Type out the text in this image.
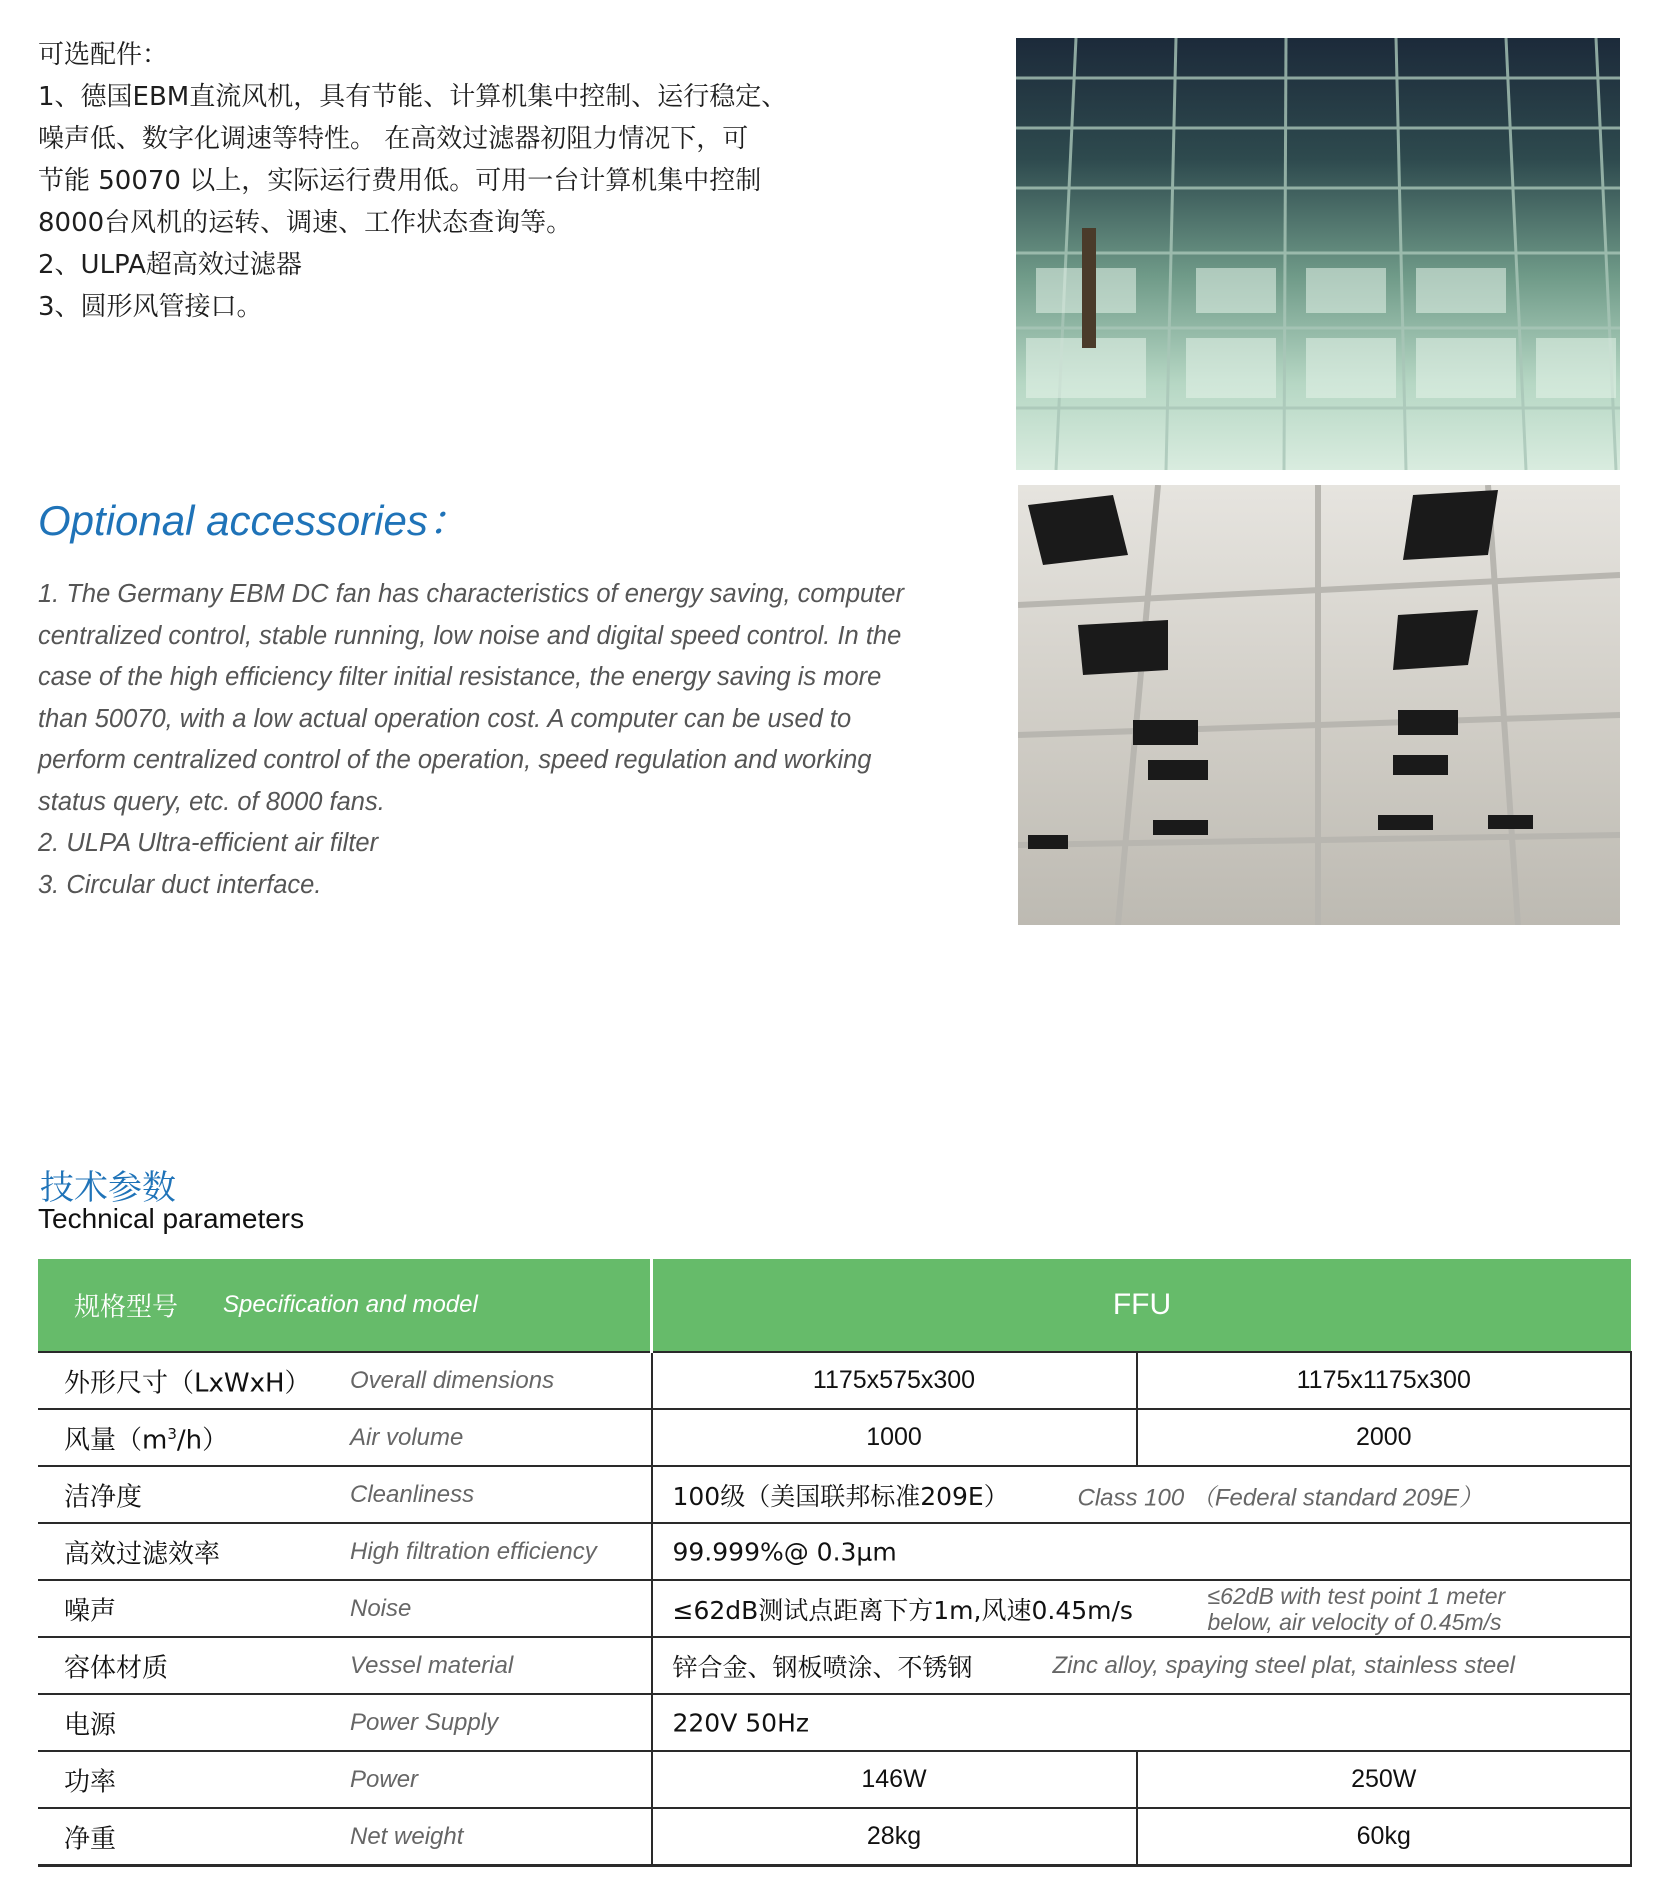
可选配件：
1、德国EBM直流风机，具有节能、计算机集中控制、运行稳定、
噪声低、数字化调速等特性。 在高效过滤器初阻力情况下，可
节能 50070 以上，实际运行费用低。可用一台计算机集中控制
8000台风机的运转、调速、工作状态查询等。
2、ULPA超高效过滤器
3、圆形风管接口。
Optional accessories：
1. The Germany EBM DC fan has characteristics of energy saving, computer
centralized control, stable running, low noise and digital speed control. In the
case of the high efficiency filter initial resistance, the energy saving is more
than 50070, with a low actual operation cost. A computer can be used to
perform centralized control of the operation, speed regulation and working
status query, etc. of 8000 fans.
2. ULPA Ultra-efficient air filter
3. Circular duct interface.
技术参数
Technical parameters
规格型号 Specification and model	FFU	

外形尺寸（LxWxH） Overall dimensions	1175x575x300	1175x1175x300

风量$(m^3/h)$ Air volume	1000	2000

洁净度 Cleanliness	100级（美国联邦标准209E） Class 100 （Federal standard 209E）	

高效过滤效率 High filtration efficiency	99.999%@ 0.3μm	

噪声 Noise	≤62dB测试点距离下方1m,风速0.45m/s ≤62dB with test point 1 meter
below, air velocity of 0.45m/s	

容体材质 Vessel material	锌合金、钢板喷涂、不锈钢 Zinc alloy, spaying steel plat, stainless steel	

电源 Power Supply	220V 50Hz	

功率 Power	146W	250W

净重 Net weight	28kg	60kg
